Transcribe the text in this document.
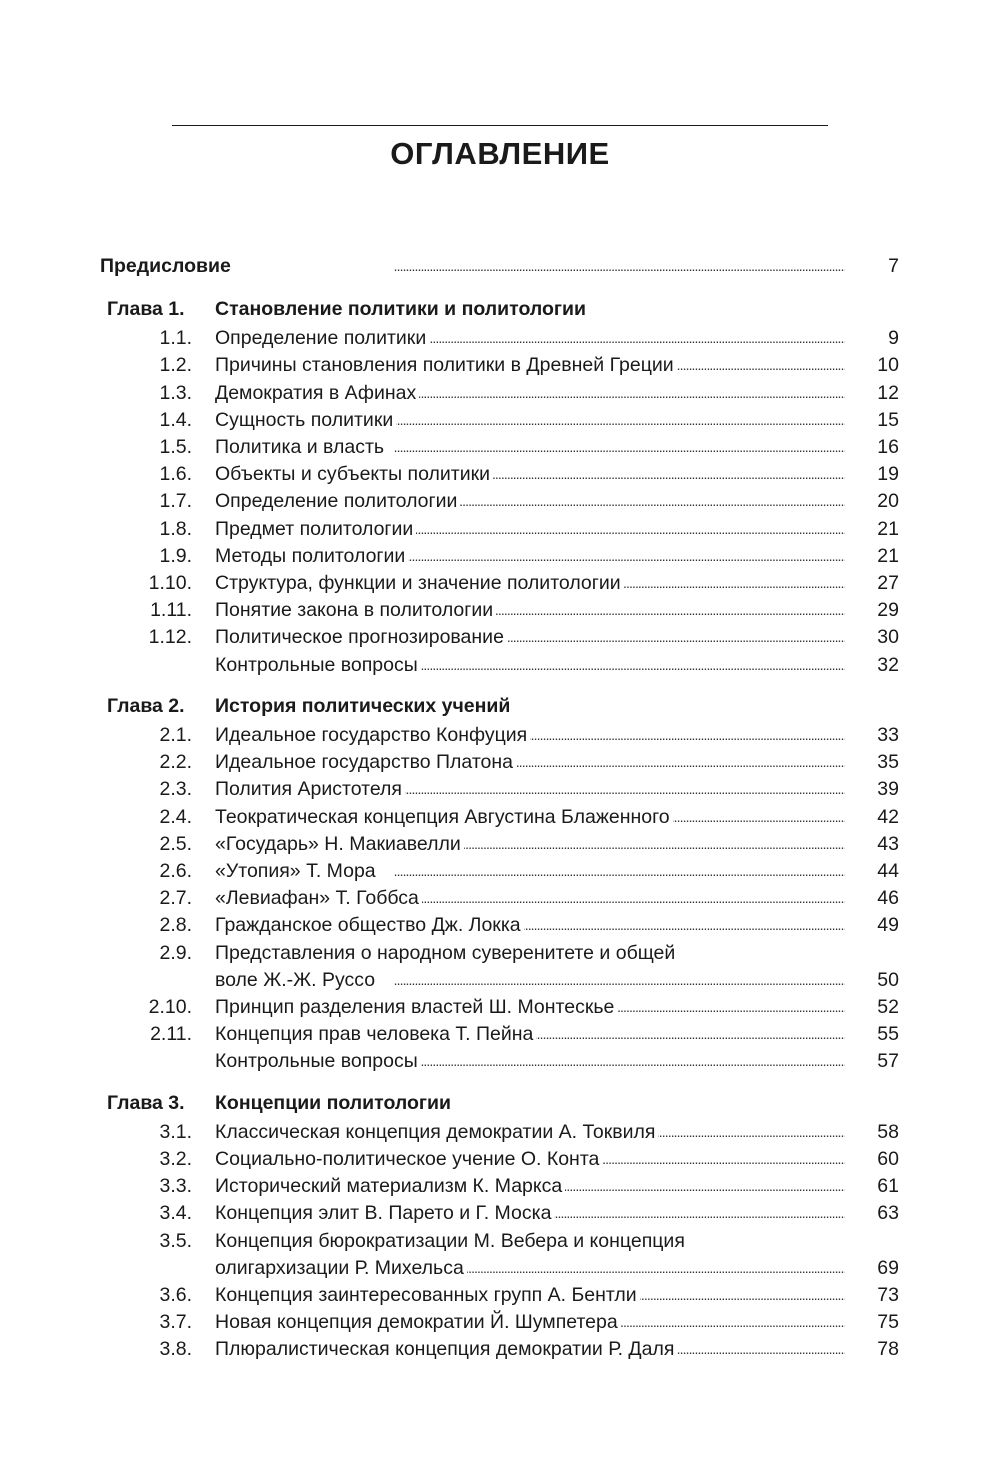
ОГЛАВЛЕНИЕ
Предисловие . . .	7
Глава 1. Становление политики и политологии
1.1. Определение политики . . .	9
1.2. Причины становления политики в Древней Греции . . .	10
1.3. Демократия в Афинах . . .	12
1.4. Сущность политики . . .	15
1.5. Политика и власть . . .	16
1.6. Объекты и субъекты политики . . .	19
1.7. Определение политологии . . .	20
1.8. Предмет политологии . . .	21
1.9. Методы политологии . . .	21
1.10. Структура, функции и значение политологии . . .	27
1.11. Понятие закона в политологии . . .	29
1.12. Политическое прогнозирование . . .	30
Контрольные вопросы . . .	32
Глава 2. История политических учений
2.1. Идеальное государство Конфуция . . .	33
2.2. Идеальное государство Платона . . .	35
2.3. Полития Аристотеля . . .	39
2.4. Теократическая концепция Августина Блаженного . . .	42
2.5. «Государь» Н. Макиавелли . . .	43
2.6. «Утопия» Т. Мора . . .	44
2.7. «Левиафан» Т. Гоббса . . .	46
2.8. Гражданское общество Дж. Локка . . .	49
2.9. Представления о народном суверенитете и общей
воле Ж.-Ж. Руссо . . .	50
2.10. Принцип разделения властей Ш. Монтескье . . .	52
2.11. Концепция прав человека Т. Пейна . . .	55
Контрольные вопросы . . .	57
Глава 3. Концепции политологии
3.1. Классическая концепция демократии А. Токвиля . . .	58
3.2. Социально-политическое учение О. Конта . . .	60
3.3. Исторический материализм К. Маркса . . .	61
3.4. Концепция элит В. Парето и Г. Моска . . .	63
3.5. Концепция бюрократизации М. Вебера и концепция
олигархизации Р. Михельса . . .	69
3.6. Концепция заинтересованных групп А. Бентли . . .	73
3.7. Новая концепция демократии Й. Шумпетера . . .	75
3.8. Плюралистическая концепция демократии Р. Даля . . .	78
